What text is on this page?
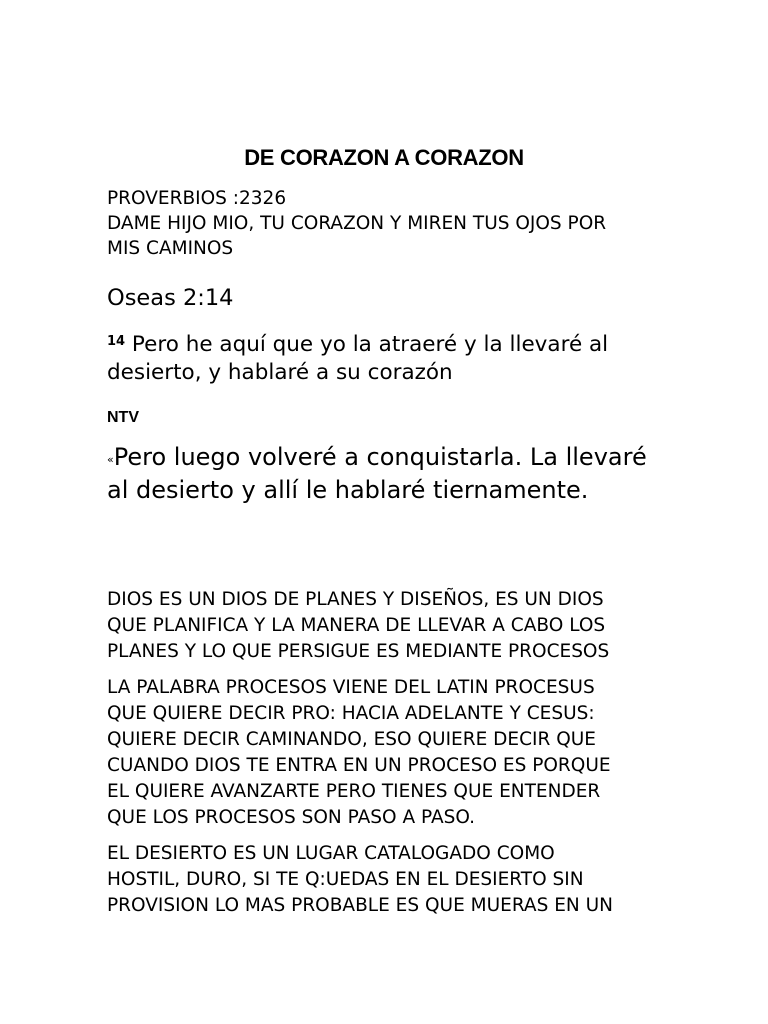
DE CORAZON A CORAZON
PROVERBIOS :2326
DAME HIJO MIO, TU CORAZON Y MIREN TUS OJOS POR
MIS CAMINOS
Oseas 2:14
$^{14}$ Pero he aquí que yo la atraeré y la llevaré al desierto, y hablaré a su corazón
NTV
«Pero luego volveré a conquistarla. La llevaré al desierto y allí le hablaré tiernamente.
DIOS ES UN DIOS DE PLANES Y DISEÑOS, ES UN DIOS
QUE PLANIFICA Y LA MANERA DE LLEVAR A CABO LOS
PLANES Y LO QUE PERSIGUE ES MEDIANTE PROCESOS
LA PALABRA PROCESOS VIENE DEL LATIN PROCESUS
QUE QUIERE DECIR PRO: HACIA ADELANTE Y CESUS:
QUIERE DECIR CAMINANDO, ESO QUIERE DECIR QUE
CUANDO DIOS TE ENTRA EN UN PROCESO ES PORQUE
EL QUIERE AVANZARTE PERO TIENES QUE ENTENDER
QUE LOS PROCESOS SON PASO A PASO.
EL DESIERTO ES UN LUGAR CATALOGADO COMO
HOSTIL, DURO, SI TE Q:UEDAS EN EL DESIERTO SIN
PROVISION LO MAS PROBABLE ES QUE MUERAS EN UN
